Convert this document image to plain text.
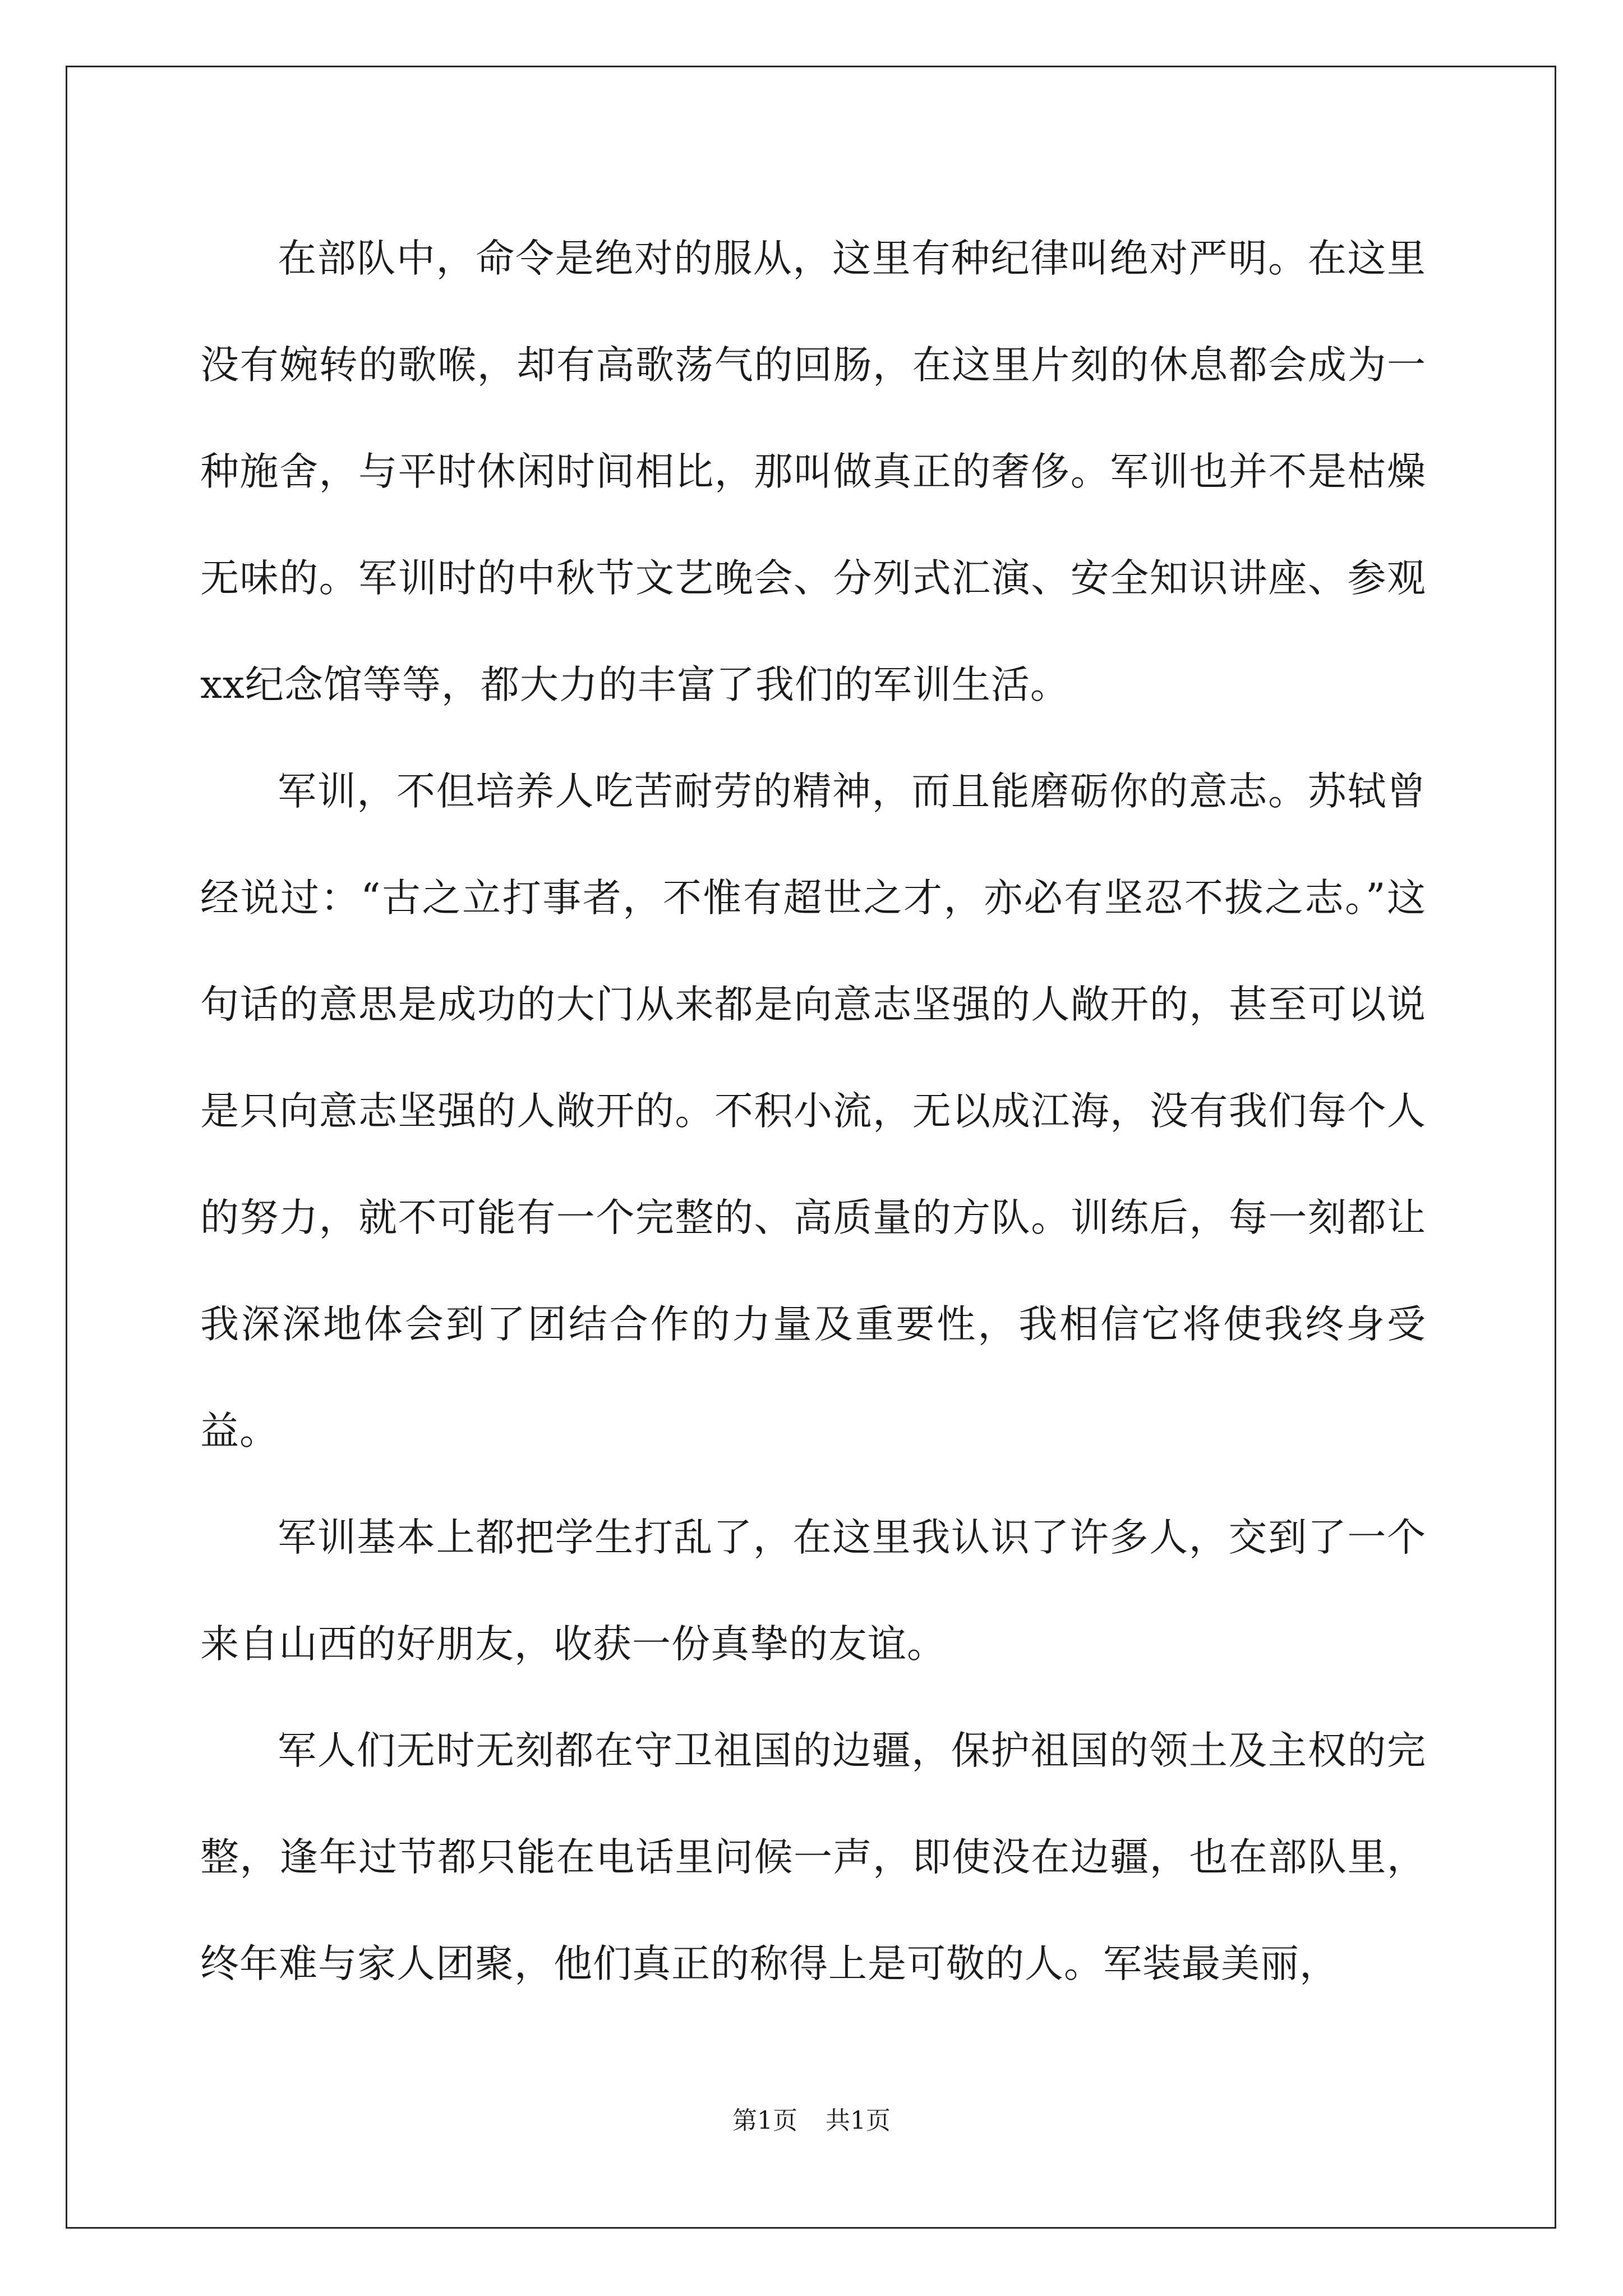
在部队中，命令是绝对的服从，这里有种纪律叫绝对严明。在这里没有婉转的歌喉，却有高歌荡气的回肠，在这里片刻的休息都会成为一种施舍，与平时休闲时间相比，那叫做真正的奢侈。军训也并不是枯燥无味的。军训时的中秋节文艺晚会、分列式汇演、安全知识讲座、参观xx纪念馆等等，都大力的丰富了我们的军训生活。

军训，不但培养人吃苦耐劳的精神，而且能磨砺你的意志。苏轼曾经说过：“古之立打事者，不惟有超世之才，亦必有坚忍不拔之志。”这句话的意思是成功的大门从来都是向意志坚强的人敞开的，甚至可以说是只向意志坚强的人敞开的。不积小流，无以成江海，没有我们每个人的努力，就不可能有一个完整的、高质量的方队。训练后，每一刻都让我深深地体会到了团结合作的力量及重要性，我相信它将使我终身受益。

军训基本上都把学生打乱了，在这里我认识了许多人，交到了一个来自山西的好朋友，收获一份真挚的友谊。

军人们无时无刻都在守卫祖国的边疆，保护祖国的领土及主权的完整，逢年过节都只能在电话里问候一声，即使没在边疆，也在部队里，终年难与家人团聚，他们真正的称得上是可敬的人。军装最美丽，

第1页 共1页
